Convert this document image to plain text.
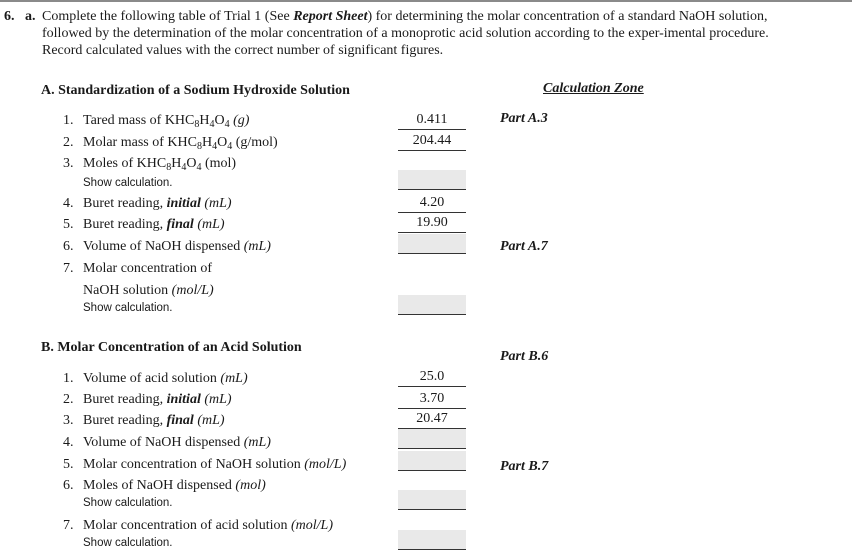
6. a. Complete the following table of Trial 1 (See Report Sheet) for determining the molar concentration of a standard NaOH solution, followed by the determination of the molar concentration of a monoprotic acid solution according to the exper-imental procedure. Record calculated values with the correct number of significant figures.
A. Standardization of a Sodium Hydroxide Solution	Calculation Zone
Part A.3
Part A.7
1. Tared mass of $KHC_8H_4O_4$ (g)	0.411
2. Molar mass of $KHC_8H_4O_4$ (g/mol)	204.44
3. Moles of $KHC_8H_4O_4$ (mol)
Show calculation.
4. Buret reading, initial (mL)	4.20
5. Buret reading, final (mL)	19.90
6. Volume of NaOH dispensed (mL)
7. Molar concentration of
NaOH solution (mol/L)
Show calculation.
B. Molar Concentration of an Acid Solution
Part B.6
Part B.7
1. Volume of acid solution (mL)	25.0
2. Buret reading, initial (mL)	3.70
3. Buret reading, final (mL)	20.47
4. Volume of NaOH dispensed (mL)
5. Molar concentration of NaOH solution (mol/L)
6. Moles of NaOH dispensed (mol)
Show calculation.
7. Molar concentration of acid solution (mol/L)
Show calculation.
